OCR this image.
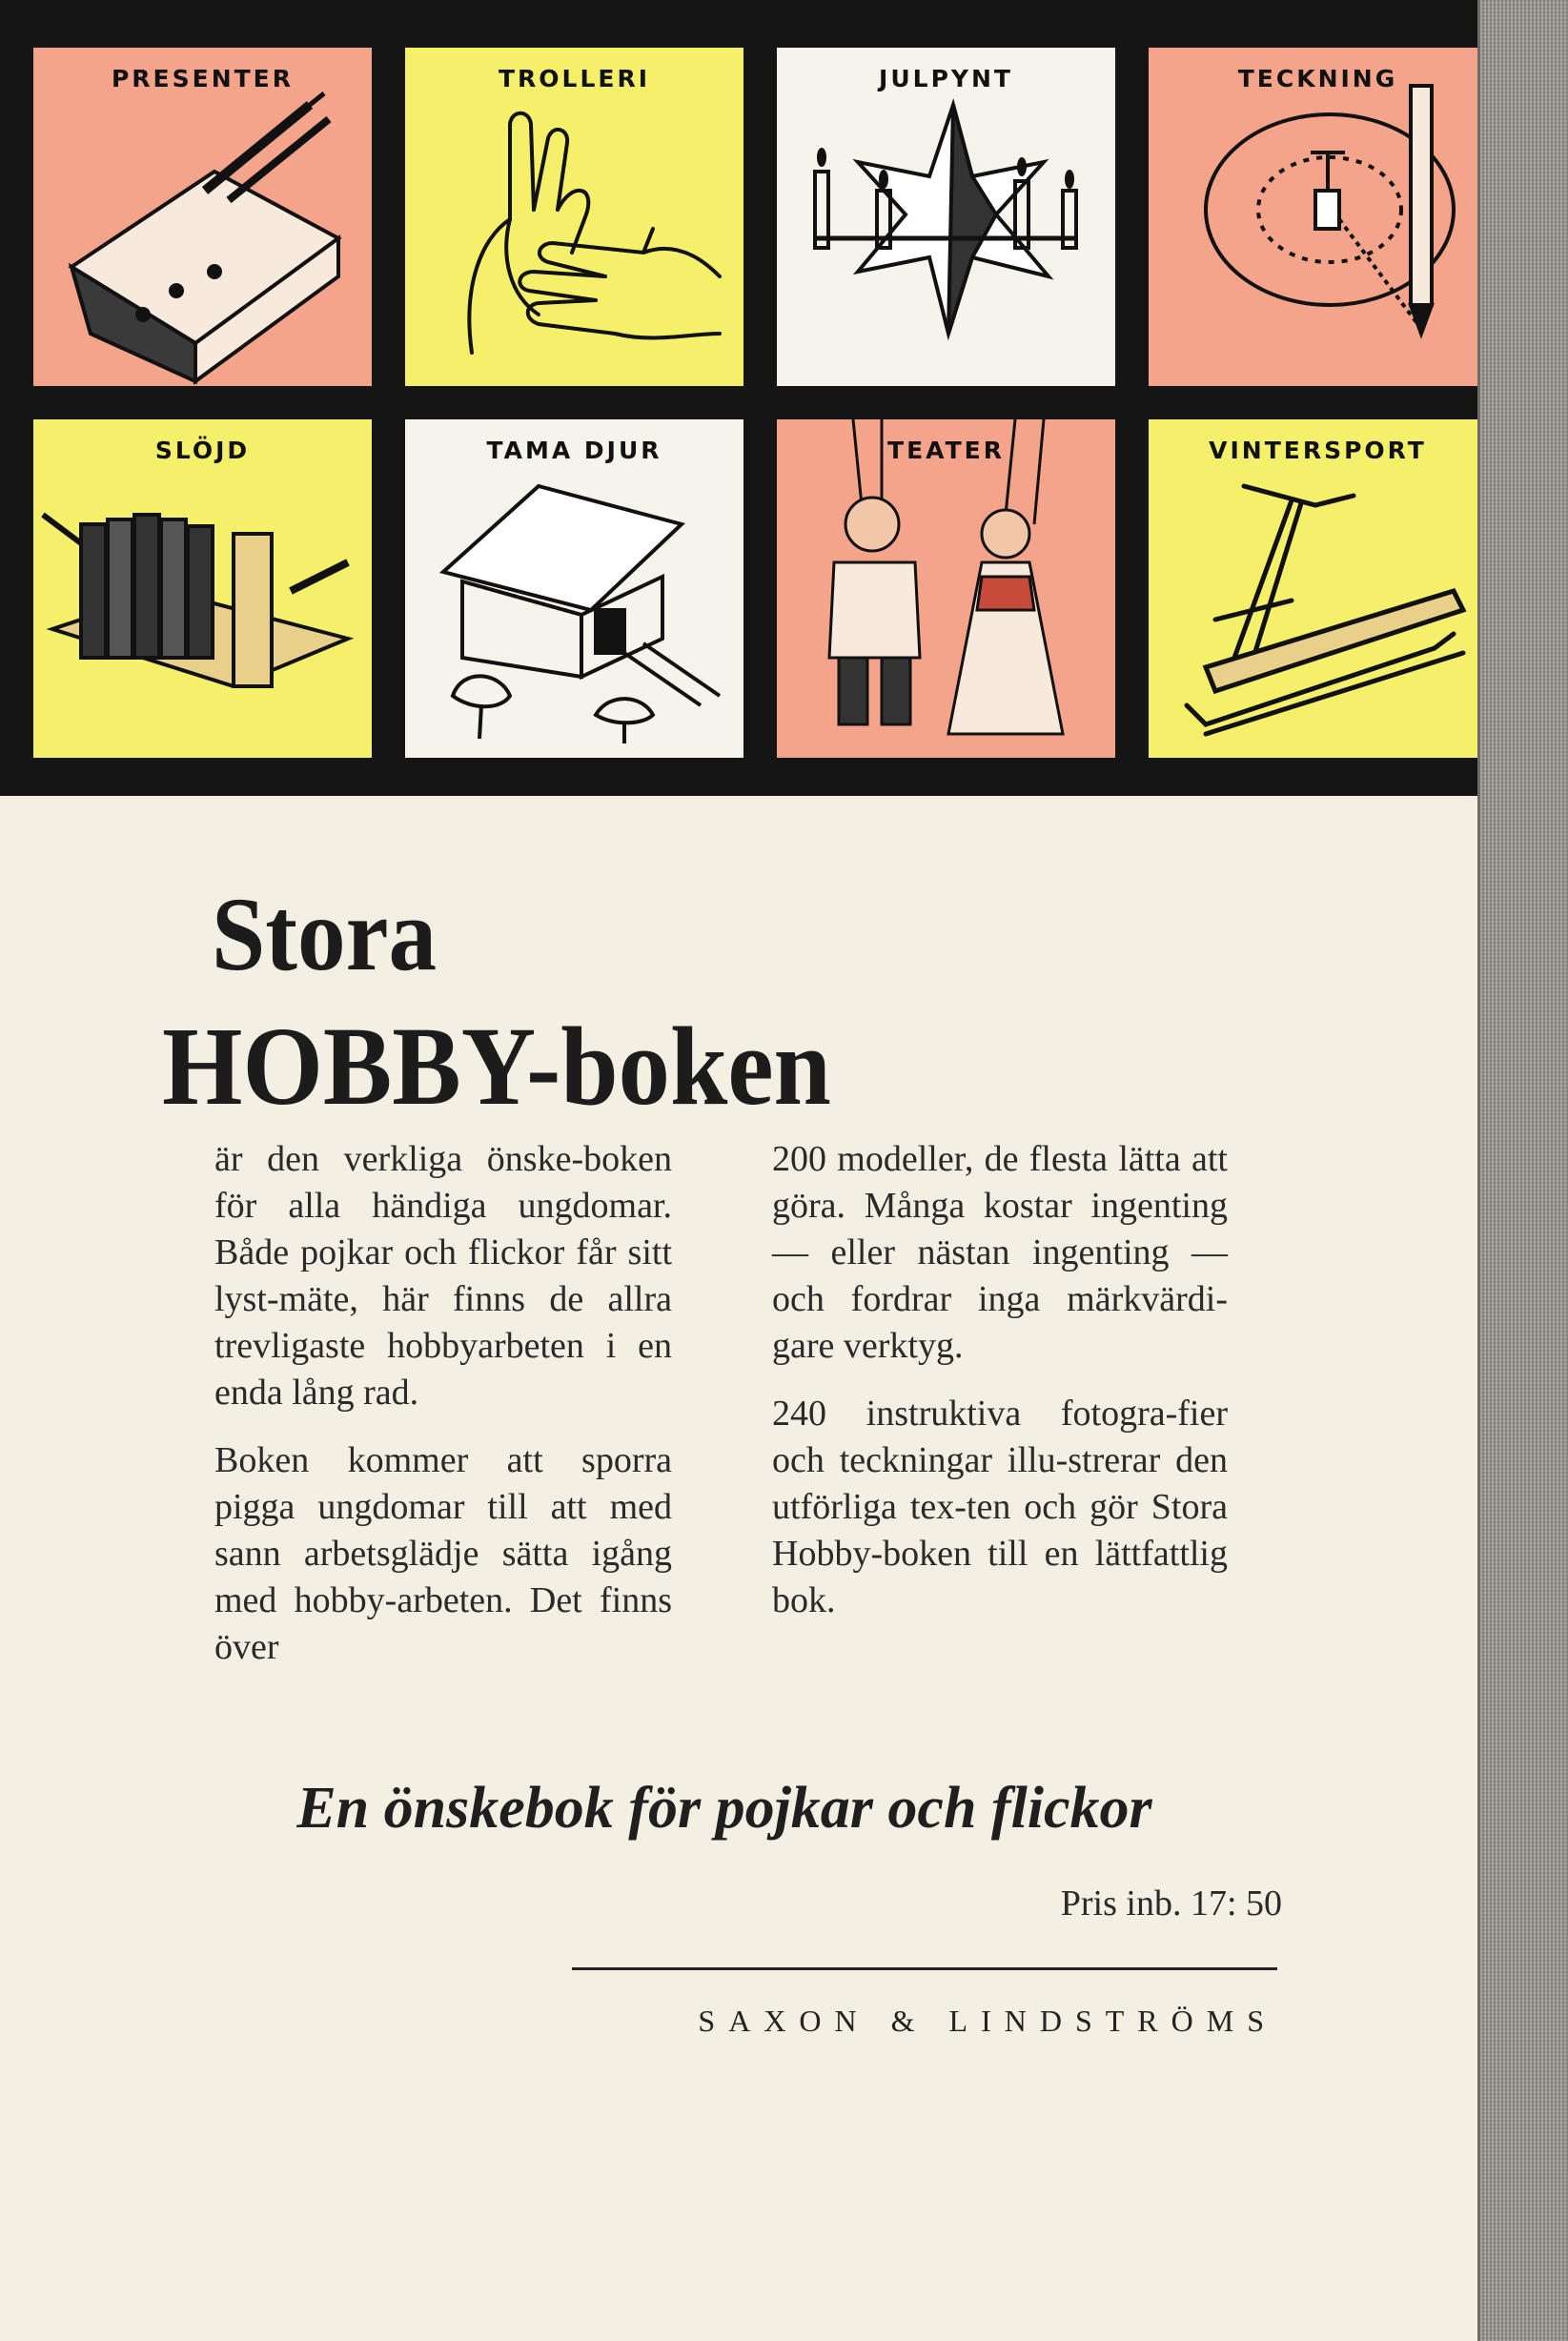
PRESENTER	TROLLERI	JULPYNT	TECKNING
SLÖJD	TAMA DJUR	TEATER	VINTERSPORT
Stora
HOBBY-boken

är den verkliga önske-boken för alla händiga ungdomar. Både pojkar och flickor får sitt lyst-mäte, här finns de allra trevligaste hobbyarbeten i en enda lång rad.

Boken kommer att sporra pigga ungdomar till att med sann arbetsglädje sätta igång med hobby-arbeten. Det finns över

200 modeller, de flesta lätta att göra. Många kostar ingenting — eller nästan ingenting — och fordrar inga märkvärdi-gare verktyg.

240 instruktiva fotogra-fier och teckningar illu-strerar den utförliga tex-ten och gör Stora Hobby-boken till en lättfattlig bok.

En önskebok för pojkar och flickor
Pris inb. 17: 50
SAXON & LINDSTRÖMS
